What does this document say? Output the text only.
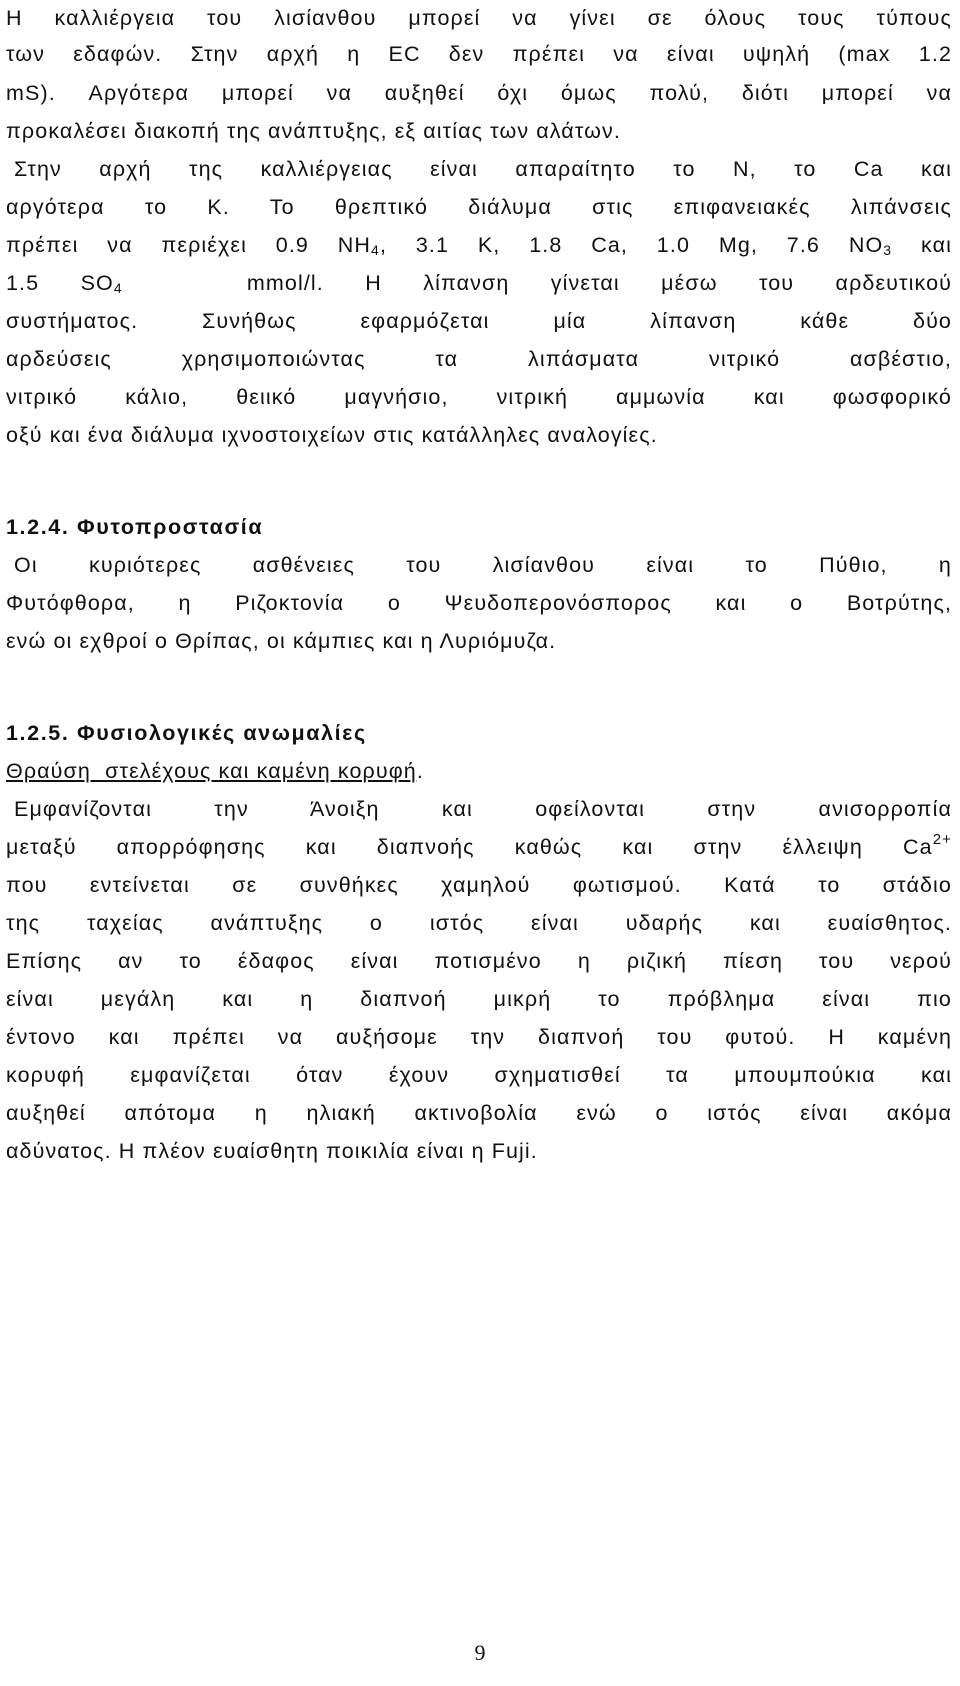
Η καλλιέργεια του λισίανθου μπορεί να γίνει σε όλους τους τύπους
των εδαφών. Στην αρχή η EC δεν πρέπει να είναι υψηλή (max 1.2
mS). Αργότερα μπορεί να αυξηθεί όχι όμως πολύ, διότι μπορεί να
προκαλέσει διακοπή της ανάπτυξης, εξ αιτίας των αλάτων.
Στην αρχή της καλλιέργειας είναι απαραίτητο το N, το Ca και
αργότερα το Κ. Το θρεπτικό διάλυμα στις επιφανειακές λιπάνσεις
πρέπει να περιέχει 0.9 $NH_4$, 3.1 K, 1.8 Ca, 1.0 Mg, 7.6 $NO_3$ και
1.5 $SO_4$   mmol/l. Η λίπανση γίνεται μέσω του αρδευτικού
συστήματος. Συνήθως εφαρμόζεται μία λίπανση κάθε δύο
αρδεύσεις χρησιμοποιώντας τα λιπάσματα νιτρικό ασβέστιο,
νιτρικό κάλιο, θειικό μαγνήσιο, νιτρική αμμωνία και φωσφορικό
οξύ και ένα διάλυμα ιχνοστοιχείων στις κατάλληλες αναλογίες.
1.2.4. Φυτοπροστασία
Οι κυριότερες ασθένειες του λισίανθου είναι το Πύθιο, η
Φυτόφθορα, η Ριζοκτονία ο Ψευδοπερονόσπορος και ο Βοτρύτης,
ενώ οι εχθροί ο Θρίπας, οι κάμπιες και η Λυριόμυζα.
1.2.5. Φυσιολογικές ανωμαλίες
Θραύση  στελέχους και καμένη κορυφή.
Εμφανίζονται την Άνοιξη και οφείλονται στην ανισορροπία
μεταξύ απορρόφησης και διαπνοής καθώς και στην έλλειψη $Ca^{2+}$
που εντείνεται σε συνθήκες χαμηλού φωτισμού. Κατά το στάδιο
της ταχείας ανάπτυξης ο ιστός είναι υδαρής και ευαίσθητος.
Επίσης αν το έδαφος είναι ποτισμένο η ριζική πίεση του νερού
είναι μεγάλη και η διαπνοή μικρή το πρόβλημα είναι πιο
έντονο και πρέπει να αυξήσομε την διαπνοή του φυτού. Η καμένη
κορυφή εμφανίζεται όταν έχουν σχηματισθεί τα μπουμπούκια και
αυξηθεί απότομα η ηλιακή ακτινοβολία ενώ ο ιστός είναι ακόμα
αδύνατος. Η πλέον ευαίσθητη ποικιλία είναι η Fuji.
9
